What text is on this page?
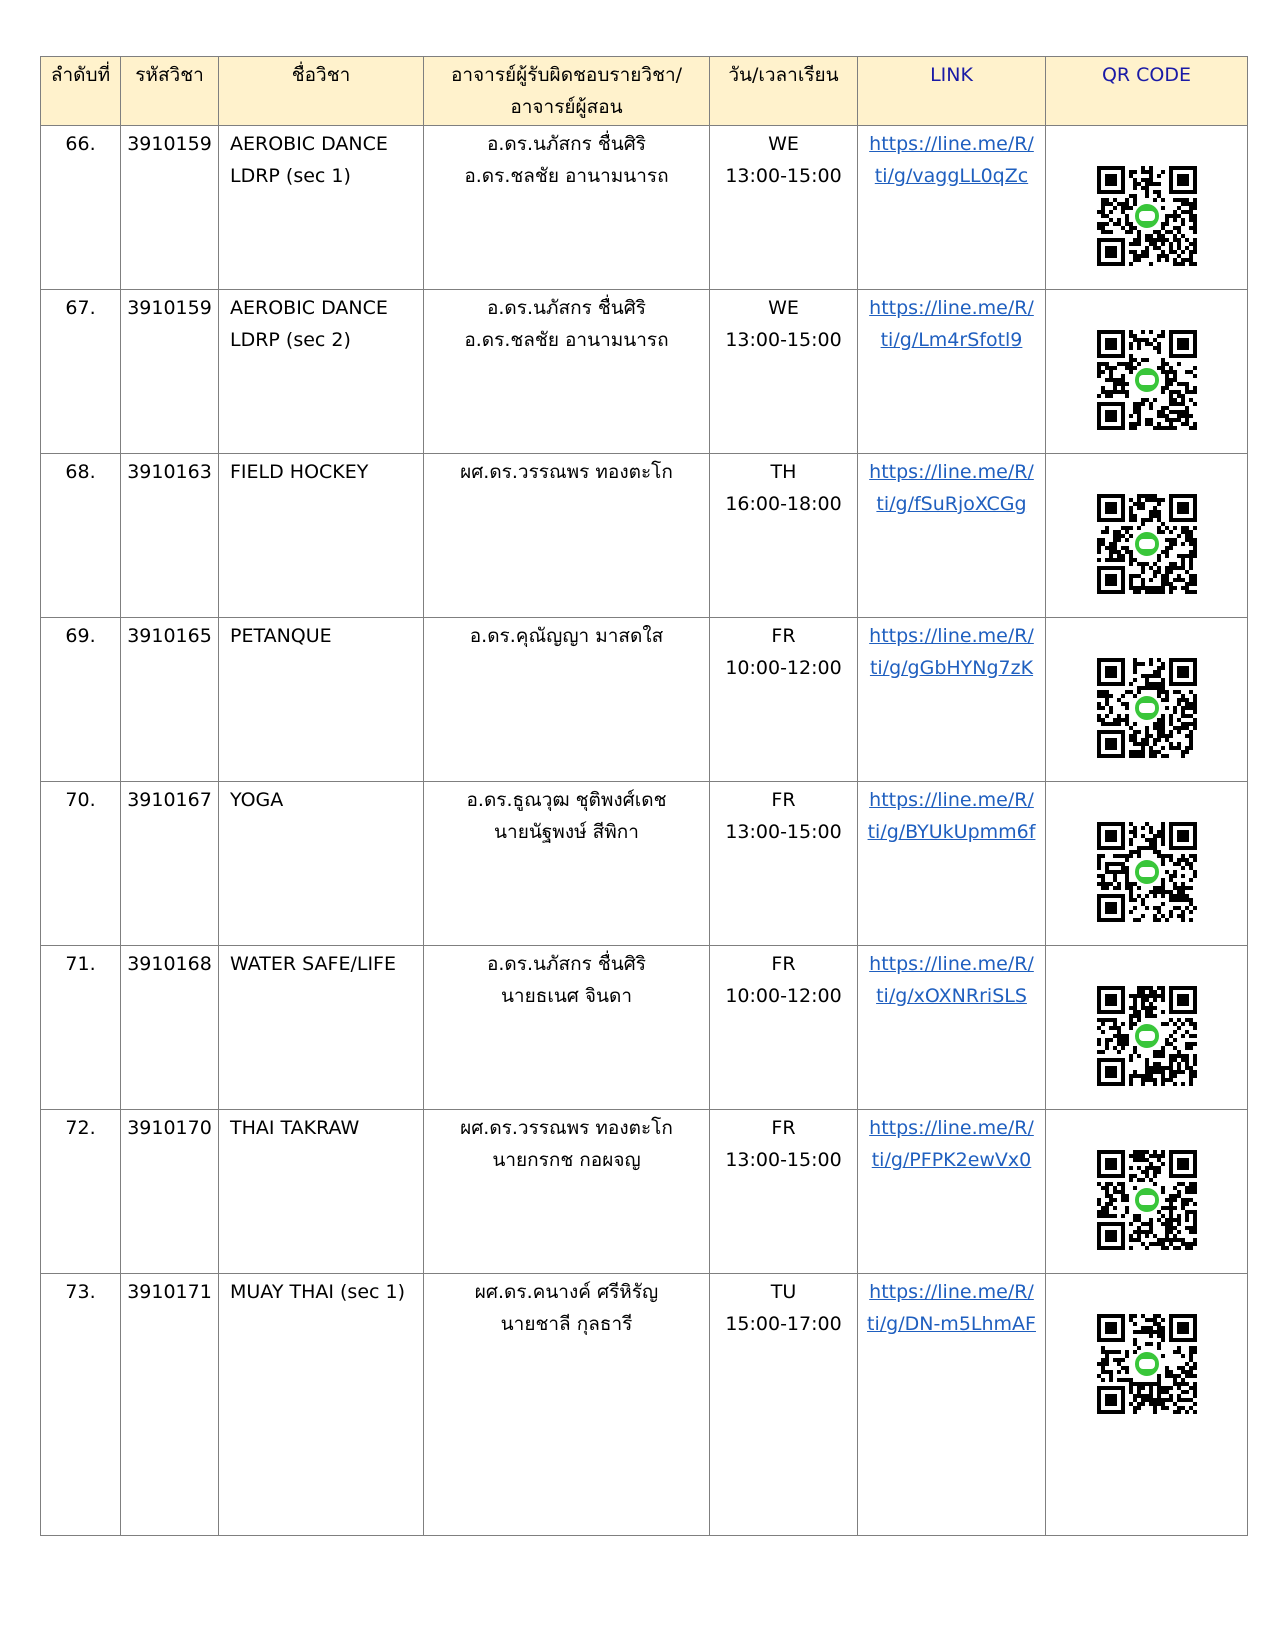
ลำดับที่	รหัสวิชา	ชื่อวิชา	อาจารย์ผู้รับผิดชอบรายวิชา/
อาจารย์ผู้สอน	วัน/เวลาเรียน	LINK	QR CODE
66.	3910159	AEROBIC DANCE
LDRP (sec 1)	อ.ดร.นภัสกร ชื่นศิริ
อ.ดร.ชลชัย อานามนารถ	WE
13:00-15:00	https://line.me/R/
ti/g/vaggLL0qZc

67.	3910159	AEROBIC DANCE
LDRP (sec 2)	อ.ดร.นภัสกร ชื่นศิริ
อ.ดร.ชลชัย อานามนารถ	WE
13:00-15:00	https://line.me/R/
ti/g/Lm4rSfotl9

68.	3910163	FIELD HOCKEY	ผศ.ดร.วรรณพร ทองตะโก	TH
16:00-18:00	https://line.me/R/
ti/g/fSuRjoXCGg

69.	3910165	PETANQUE	อ.ดร.คุณัญญา มาสดใส	FR
10:00-12:00	https://line.me/R/
ti/g/gGbHYNg7zK

70.	3910167	YOGA	อ.ดร.ธูณวุฒ ชุติพงศ์เดช
นายนัฐพงษ์ สีพิกา	FR
13:00-15:00	https://line.me/R/
ti/g/BYUkUpmm6f

71.	3910168	WATER SAFE/LIFE	อ.ดร.นภัสกร ชื่นศิริ
นายธเนศ จินดา	FR
10:00-12:00	https://line.me/R/
ti/g/xOXNRriSLS

72.	3910170	THAI TAKRAW	ผศ.ดร.วรรณพร ทองตะโก
นายกรกช กอผจญ	FR
13:00-15:00	https://line.me/R/
ti/g/PFPK2ewVx0

73.	3910171	MUAY THAI (sec 1)	ผศ.ดร.คนางค์ ศรีหิรัญ
นายชาลี กุลธารี	TU
15:00-17:00	https://line.me/R/
ti/g/DN-m5LhmAF
